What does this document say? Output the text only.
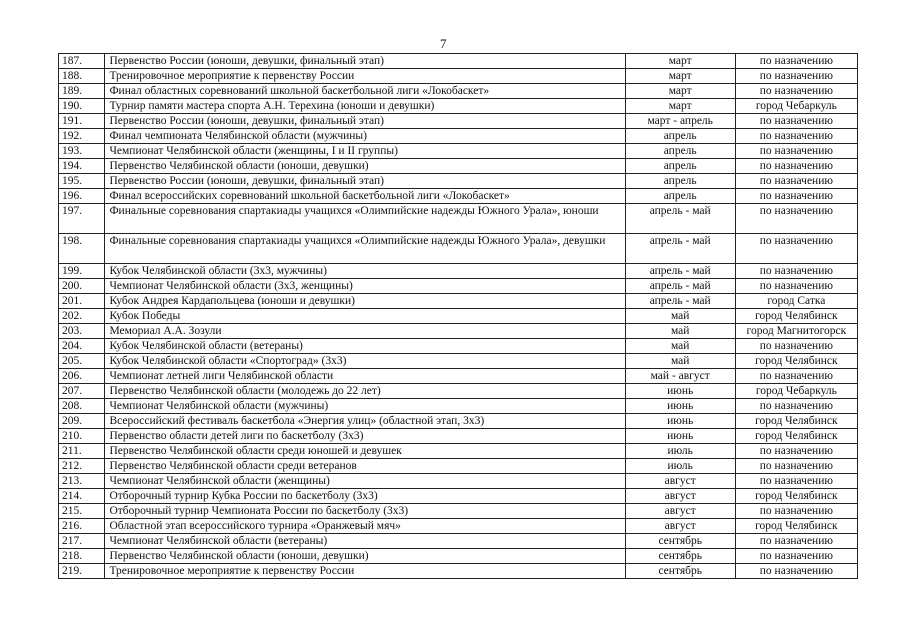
7
187.	Первенство России (юноши, девушки, финальный этап)	март	по назначению
188.	Тренировочное мероприятие к первенству России	март	по назначению
189.	Финал областных соревнований школьной баскетбольной лиги «Локобаскет»	март	по назначению
190.	Турнир памяти мастера спорта А.Н. Терехина (юноши и девушки)	март	город Чебаркуль
191.	Первенство России (юноши, девушки, финальный этап)	март - апрель	по назначению
192.	Финал чемпионата Челябинской области (мужчины)	апрель	по назначению
193.	Чемпионат Челябинской области (женщины, I и II группы)	апрель	по назначению
194.	Первенство Челябинской области (юноши, девушки)	апрель	по назначению
195.	Первенство России (юноши, девушки, финальный этап)	апрель	по назначению
196.	Финал всероссийских соревнований школьной баскетбольной лиги «Локобаскет»	апрель	по назначению
197.	Финальные соревнования спартакиады учащихся «Олимпийские надежды Южного Урала», юноши	апрель - май	по назначению
198.	Финальные соревнования спартакиады учащихся «Олимпийские надежды Южного Урала», девушки	апрель - май	по назначению
199.	Кубок Челябинской области (3х3, мужчины)	апрель - май	по назначению
200.	Чемпионат Челябинской области (3х3, женщины)	апрель - май	по назначению
201.	Кубок Андрея Кардапольцева (юноши и девушки)	апрель - май	город Сатка
202.	Кубок Победы	май	город Челябинск
203.	Мемориал А.А. Зозули	май	город Магнитогорск
204.	Кубок Челябинской области (ветераны)	май	по назначению
205.	Кубок Челябинской области «Спортоград» (3х3)	май	город Челябинск
206.	Чемпионат летней лиги Челябинской области	май - август	по назначению
207.	Первенство Челябинской области (молодежь до 22 лет)	июнь	город Чебаркуль
208.	Чемпионат Челябинской области (мужчины)	июнь	по назначению
209.	Всероссийский фестиваль баскетбола «Энергия улиц» (областной этап, 3х3)	июнь	город Челябинск
210.	Первенство области детей лиги по баскетболу (3х3)	июнь	город Челябинск
211.	Первенство Челябинской области среди юношей и девушек	июль	по назначению
212.	Первенство Челябинской области среди ветеранов	июль	по назначению
213.	Чемпионат Челябинской области (женщины)	август	по назначению
214.	Отборочный турнир Кубка России по баскетболу (3х3)	август	город Челябинск
215.	Отборочный турнир Чемпионата России по баскетболу (3х3)	август	по назначению
216.	Областной этап всероссийского турнира «Оранжевый мяч»	август	город Челябинск
217.	Чемпионат Челябинской области (ветераны)	сентябрь	по назначению
218.	Первенство Челябинской области (юноши, девушки)	сентябрь	по назначению
219.	Тренировочное мероприятие к первенству России	сентябрь	по назначению
